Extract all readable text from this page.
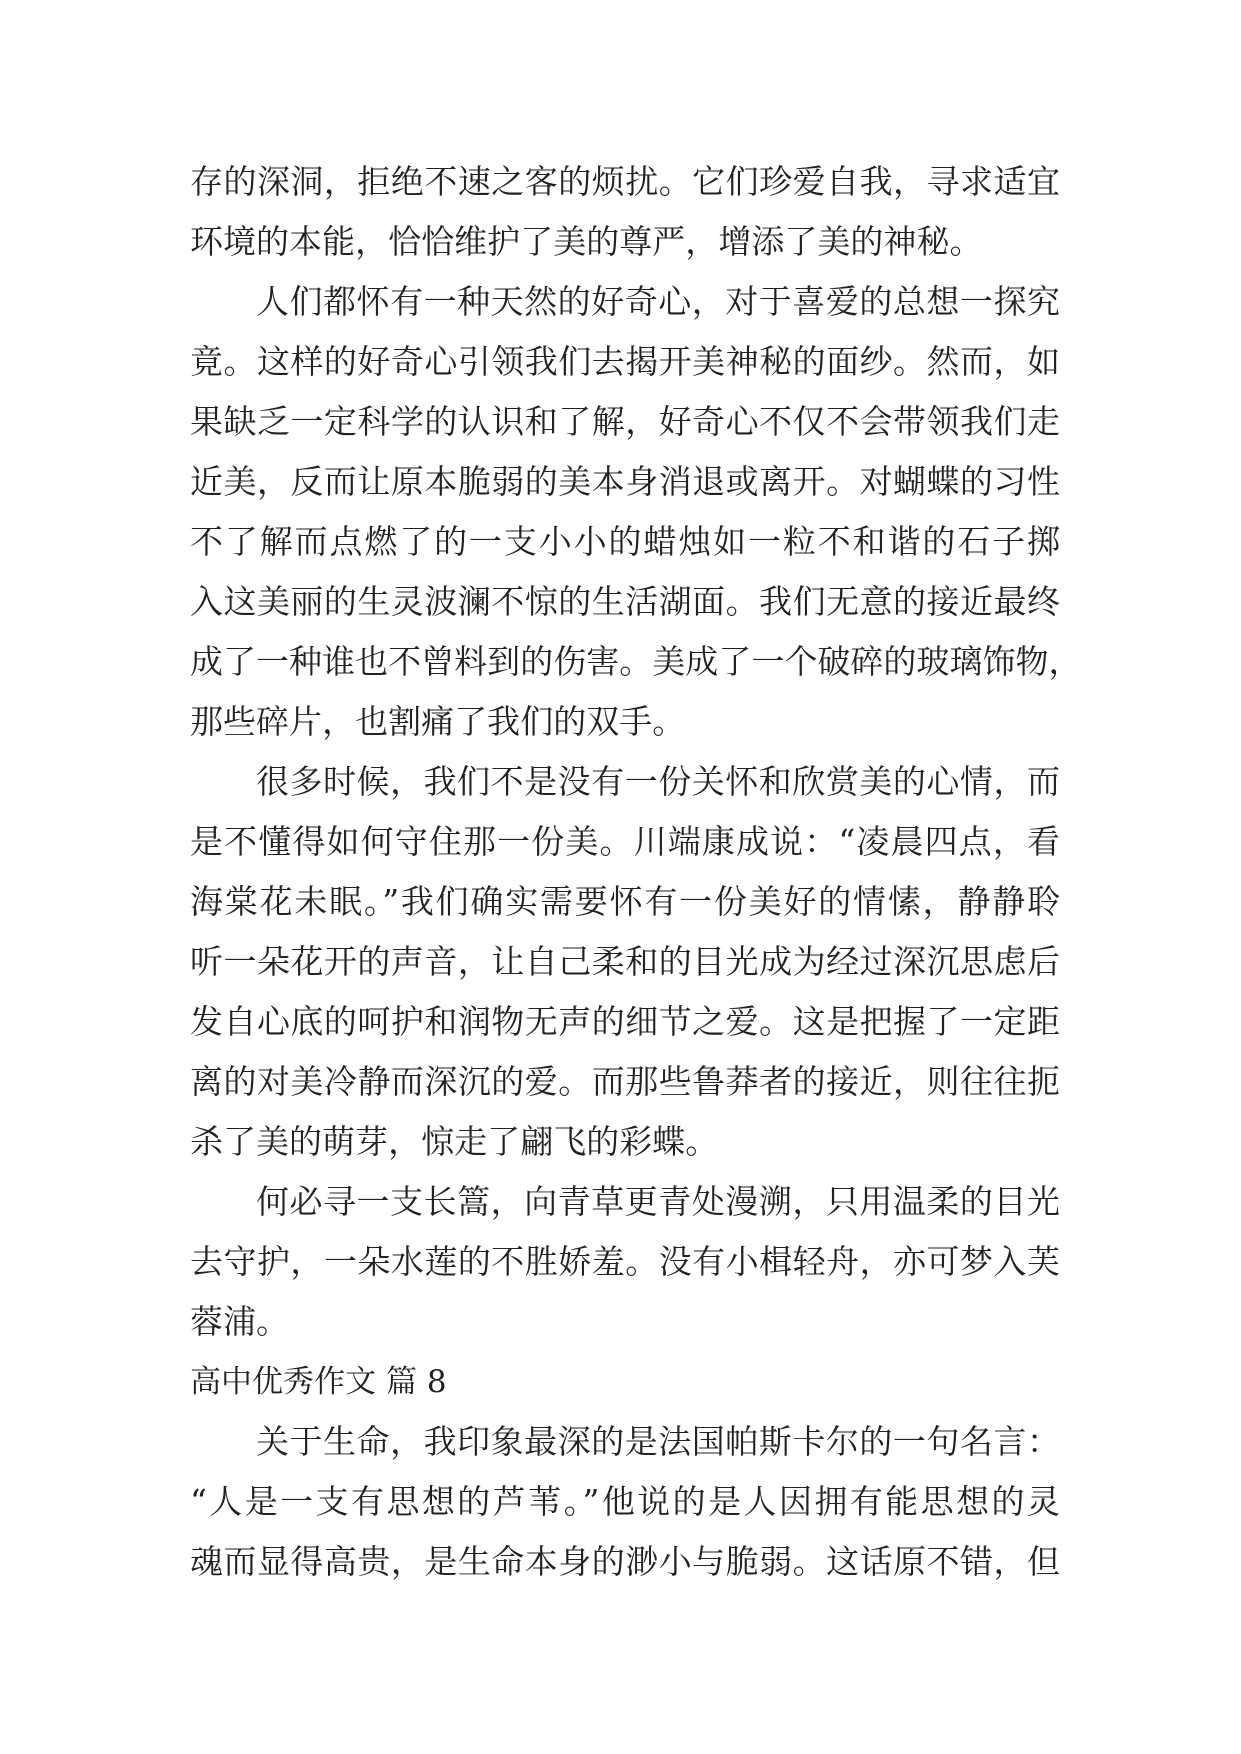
存的深洞，拒绝不速之客的烦扰。它们珍爱自我，寻求适宜
环境的本能，恰恰维护了美的尊严，增添了美的神秘。
人们都怀有一种天然的好奇心，对于喜爱的总想一探究
竟。这样的好奇心引领我们去揭开美神秘的面纱。然而，如
果缺乏一定科学的认识和了解，好奇心不仅不会带领我们走
近美，反而让原本脆弱的美本身消退或离开。对蝴蝶的习性
不了解而点燃了的一支小小的蜡烛如一粒不和谐的石子掷
入这美丽的生灵波澜不惊的生活湖面。我们无意的接近最终
成了一种谁也不曾料到的伤害。美成了一个破碎的玻璃饰物，
那些碎片，也割痛了我们的双手。
很多时候，我们不是没有一份关怀和欣赏美的心情，而
是不懂得如何守住那一份美。川端康成说：“凌晨四点，看
海棠花未眠。”我们确实需要怀有一份美好的情愫，静静聆
听一朵花开的声音，让自己柔和的目光成为经过深沉思虑后
发自心底的呵护和润物无声的细节之爱。这是把握了一定距
离的对美冷静而深沉的爱。而那些鲁莽者的接近，则往往扼
杀了美的萌芽，惊走了翩飞的彩蝶。
何必寻一支长篙，向青草更青处漫溯，只用温柔的目光
去守护，一朵水莲的不胜娇羞。没有小楫轻舟，亦可梦入芙
蓉浦。
高中优秀作文 篇 8
关于生命，我印象最深的是法国帕斯卡尔的一句名言：
“人是一支有思想的芦苇。”他说的是人因拥有能思想的灵
魂而显得高贵，是生命本身的渺小与脆弱。这话原不错，但
